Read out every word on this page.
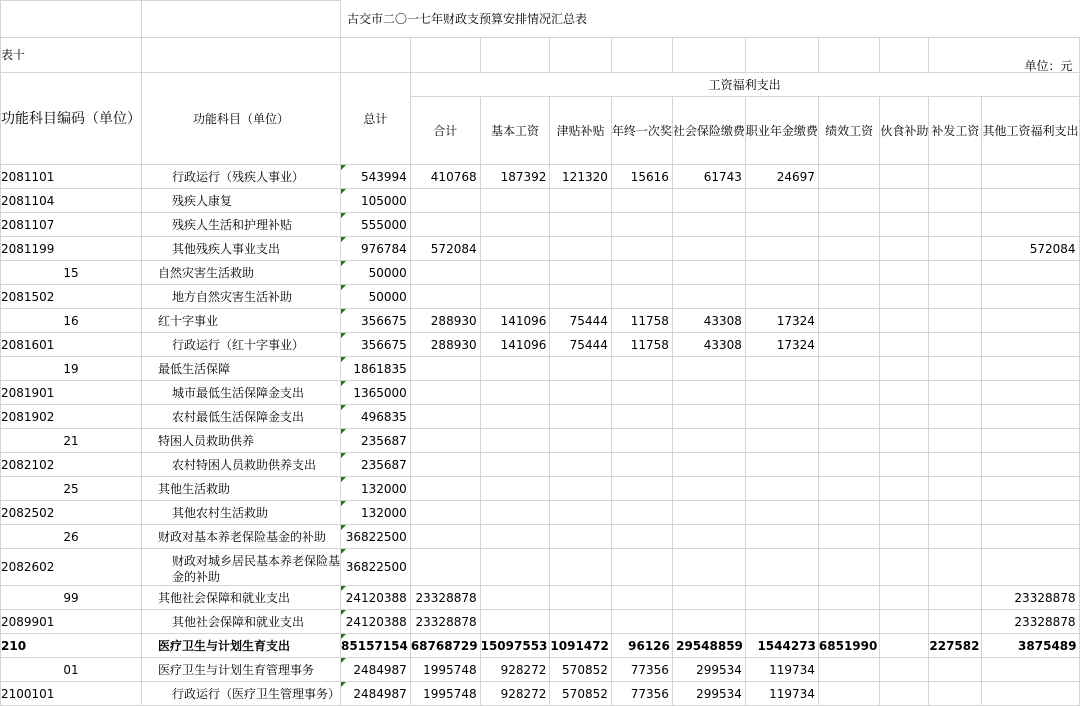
		古交市二〇一七年财政支预算安排情况汇总表										
表十											单位：元	
功能科目编码（单位）	功能科目（单位）	总计	工资福利支出									
			合计	基本工资	津贴补贴	年终一次奖	社会保险缴费	职业年金缴费	绩效工资	伙食补助	补发工资	其他工资福利支出
2081101	行政运行（残疾人事业）	543994	410768	187392	121320	15616	61743	24697				
2081104	残疾人康复	105000										
2081107	残疾人生活和护理补贴	555000										
2081199	其他残疾人事业支出	976784	572084									572084
15	自然灾害生活救助	50000										
2081502	地方自然灾害生活补助	50000										
16	红十字事业	356675	288930	141096	75444	11758	43308	17324				
2081601	行政运行（红十字事业）	356675	288930	141096	75444	11758	43308	17324				
19	最低生活保障	1861835										
2081901	城市最低生活保障金支出	1365000										
2081902	农村最低生活保障金支出	496835										
21	特困人员救助供养	235687										
2082102	农村特困人员救助供养支出	235687										
25	其他生活救助	132000										
2082502	其他农村生活救助	132000										
26	财政对基本养老保险基金的补助	36822500										
2082602	财政对城乡居民基本养老保险基金的补助	36822500										
99	其他社会保障和就业支出	24120388	23328878									23328878
2089901	其他社会保障和就业支出	24120388	23328878									23328878
210	医疗卫生与计划生育支出	85157154	68768729	15097553	1091472	96126	29548859	1544273	6851990		227582	3875489
01	医疗卫生与计划生育管理事务	2484987	1995748	928272	570852	77356	299534	119734				
2100101	行政运行（医疗卫生管理事务）	2484987	1995748	928272	570852	77356	299534	119734				
